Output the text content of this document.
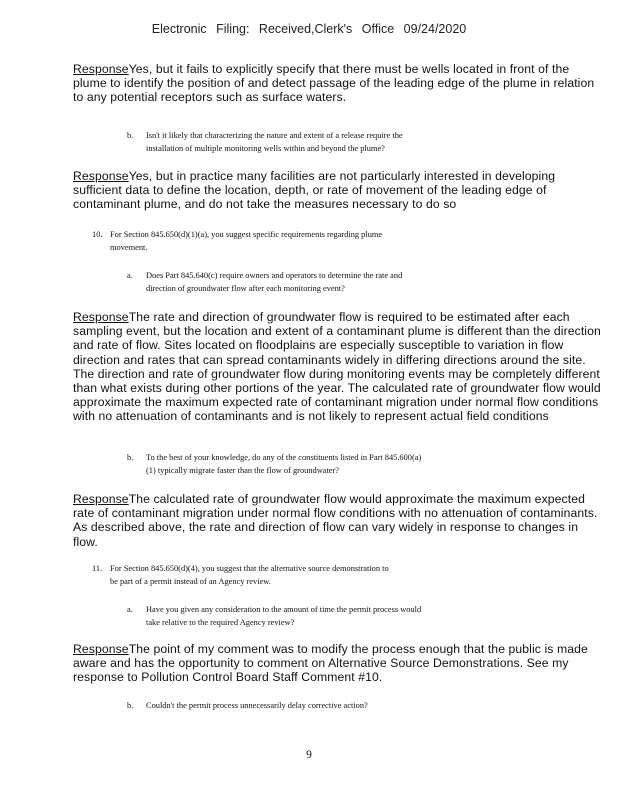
Electronic Filing: Received,Clerk's Office 09/24/2020

ResponseYes, but it fails to explicitly specify that there must be wells located in front of the plume to identify the position of and detect passage of the leading edge of the plume in relation to any potential receptors such as surface waters.

b.	Isn't it likely that characterizing the nature and extent of a release require the installation of multiple monitoring wells within and beyond the plume?

ResponseYes, but in practice many facilities are not particularly interested in developing sufficient data to define the location, depth, or rate of movement of the leading edge of contaminant plume, and do not take the measures necessary to do so

10. For Section 845.650(d)(1)(a), you suggest specific requirements regarding plume movement.
a.	Does Part 845.640(c) require owners and operators to determine the rate and direction of groundwater flow after each monitoring event?

ResponseThe rate and direction of groundwater flow is required to be estimated after each sampling event, but the location and extent of a contaminant plume is different than the direction and rate of flow. Sites located on floodplains are especially susceptible to variation in flow direction and rates that can spread contaminants widely in differing directions around the site. The direction and rate of groundwater flow during monitoring events may be completely different than what exists during other portions of the year. The calculated rate of groundwater flow would approximate the maximum expected rate of contaminant migration under normal flow conditions with no attenuation of contaminants and is not likely to represent actual field conditions

b.	To the best of your knowledge, do any of the constituents listed in Part 845.600(a)(1) typically migrate faster than the flow of groundwater?

ResponseThe calculated rate of groundwater flow would approximate the maximum expected rate of contaminant migration under normal flow conditions with no attenuation of contaminants. As described above, the rate and direction of flow can vary widely in response to changes in flow.

11. For Section 845.650(d)(4), you suggest that the alternative source demonstration to be part of a permit instead of an Agency review.
a.	Have you given any consideration to the amount of time the permit process would take relative to the required Agency review?

ResponseThe point of my comment was to modify the process enough that the public is made aware and has the opportunity to comment on Alternative Source Demonstrations. See my response to Pollution Control Board Staff Comment #10.

b.	Couldn't the permit process unnecessarily delay corrective action?
9
